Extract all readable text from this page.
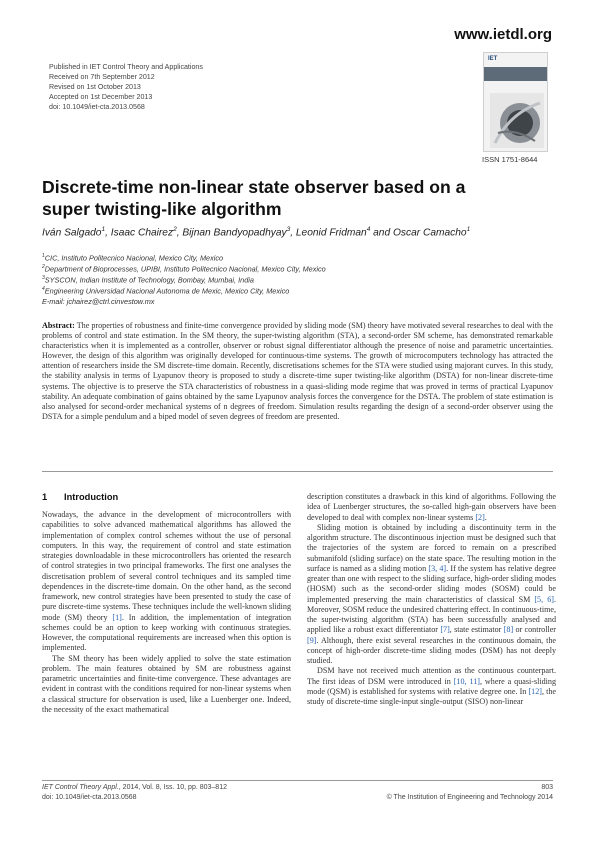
www.ietdl.org
Published in IET Control Theory and Applications
Received on 7th September 2012
Revised on 1st October 2013
Accepted on 1st December 2013
doi: 10.1049/iet-cta.2013.0568
IET
ISSN 1751-8644
Discrete-time non-linear state observer based on a
super twisting-like algorithm
Iván Salgado$^1$, Isaac Chairez$^2$, Bijnan Bandyopadhyay$^3$, Leonid Fridman$^4$ and Oscar Camacho$^1$
$^1$CIC, Instituto Politecnico Nacional, Mexico City, Mexico
$^2$Department of Bioprocesses, UPIBI, Instituto Politecnico Nacional, Mexico City, Mexico
$^3$SYSCON, Indian Institute of Technology, Bombay, Mumbai, India
$^4$Engineering Universidad Nacional Autonoma de Mexic, Mexico City, Mexico
E-mail: jchairez@ctrl.cinvestow.mx
Abstract: The properties of robustness and finite-time convergence provided by sliding mode (SM) theory have motivated several researches to deal with the problems of control and state estimation. In the SM theory, the super-twisting algorithm (STA), a second-order SM scheme, has demonstrated remarkable characteristics when it is implemented as a controller, observer or robust signal differentiator although the presence of noise and parametric uncertainties. However, the design of this algorithm was originally developed for continuous-time systems. The growth of microcomputers technology has attracted the attention of researchers inside the SM discrete-time domain. Recently, discretisations schemes for the STA were studied using majorant curves. In this study, the stability analysis in terms of Lyapunov theory is proposed to study a discrete-time super twisting-like algorithm (DSTA) for non-linear discrete-time systems. The objective is to preserve the STA characteristics of robustness in a quasi-sliding mode regime that was proved in terms of practical Lyapunov stability. An adequate combination of gains obtained by the same Lyapunov analysis forces the convergence for the DSTA. The problem of state estimation is also analysed for second-order mechanical systems of n degrees of freedom. Simulation results regarding the design of a second-order observer using the DSTA for a simple pendulum and a biped model of seven degrees of freedom are presented.
1 Introduction

Nowadays, the advance in the development of microcontrollers with capabilities to solve advanced mathematical algorithms has allowed the implementation of complex control schemes without the use of personal computers. In this way, the requirement of control and state estimation strategies downloadable in these microcontrollers has oriented the research of control strategies in two principal frameworks. The first one analyses the discretisation problem of several control techniques and its sampled time dependences in the discrete-time domain. On the other hand, as the second framework, new control strategies have been presented to study the case of pure discrete-time systems. These techniques include the well-known sliding mode (SM) theory [1]. In addition, the implementation of integration schemes could be an option to keep working with continuous strategies. However, the computational requirements are increased when this option is implemented.

The SM theory has been widely applied to solve the state estimation problem. The main features obtained by SM are robustness against parametric uncertainties and finite-time convergence. These advantages are evident in contrast with the conditions required for non-linear systems when a classical structure for observation is used, like a Luenberger one. Indeed, the necessity of the exact mathematical

description constitutes a drawback in this kind of algorithms. Following the idea of Luenberger structures, the so-called high-gain observers have been developed to deal with complex non-linear systems [2].

Sliding motion is obtained by including a discontinuity term in the algorithm structure. The discontinuous injection must be designed such that the trajectories of the system are forced to remain on a prescribed submanifold (sliding surface) on the state space. The resulting motion in the surface is named as a sliding motion [3, 4]. If the system has relative degree greater than one with respect to the sliding surface, high-order sliding modes (HOSM) such as the second-order sliding modes (SOSM) could be implemented preserving the main characteristics of classical SM [5, 6]. Moreover, SOSM reduce the undesired chattering effect. In continuous-time, the super-twisting algorithm (STA) has been successfully analysed and applied like a robust exact differentiator [7], state estimator [8] or controller [9]. Although, there exist several researches in the continuous domain, the concept of high-order discrete-time sliding modes (DSM) has not deeply studied.

DSM have not received much attention as the continuous counterpart. The first ideas of DSM were introduced in [10, 11], where a quasi-sliding mode (QSM) is established for systems with relative degree one. In [12], the study of discrete-time single-input single-output (SISO) non-linear

IET Control Theory Appl., 2014, Vol. 8, Iss. 10, pp. 803–812
doi: 10.1049/iet-cta.2013.0568
803
© The Institution of Engineering and Technology 2014
